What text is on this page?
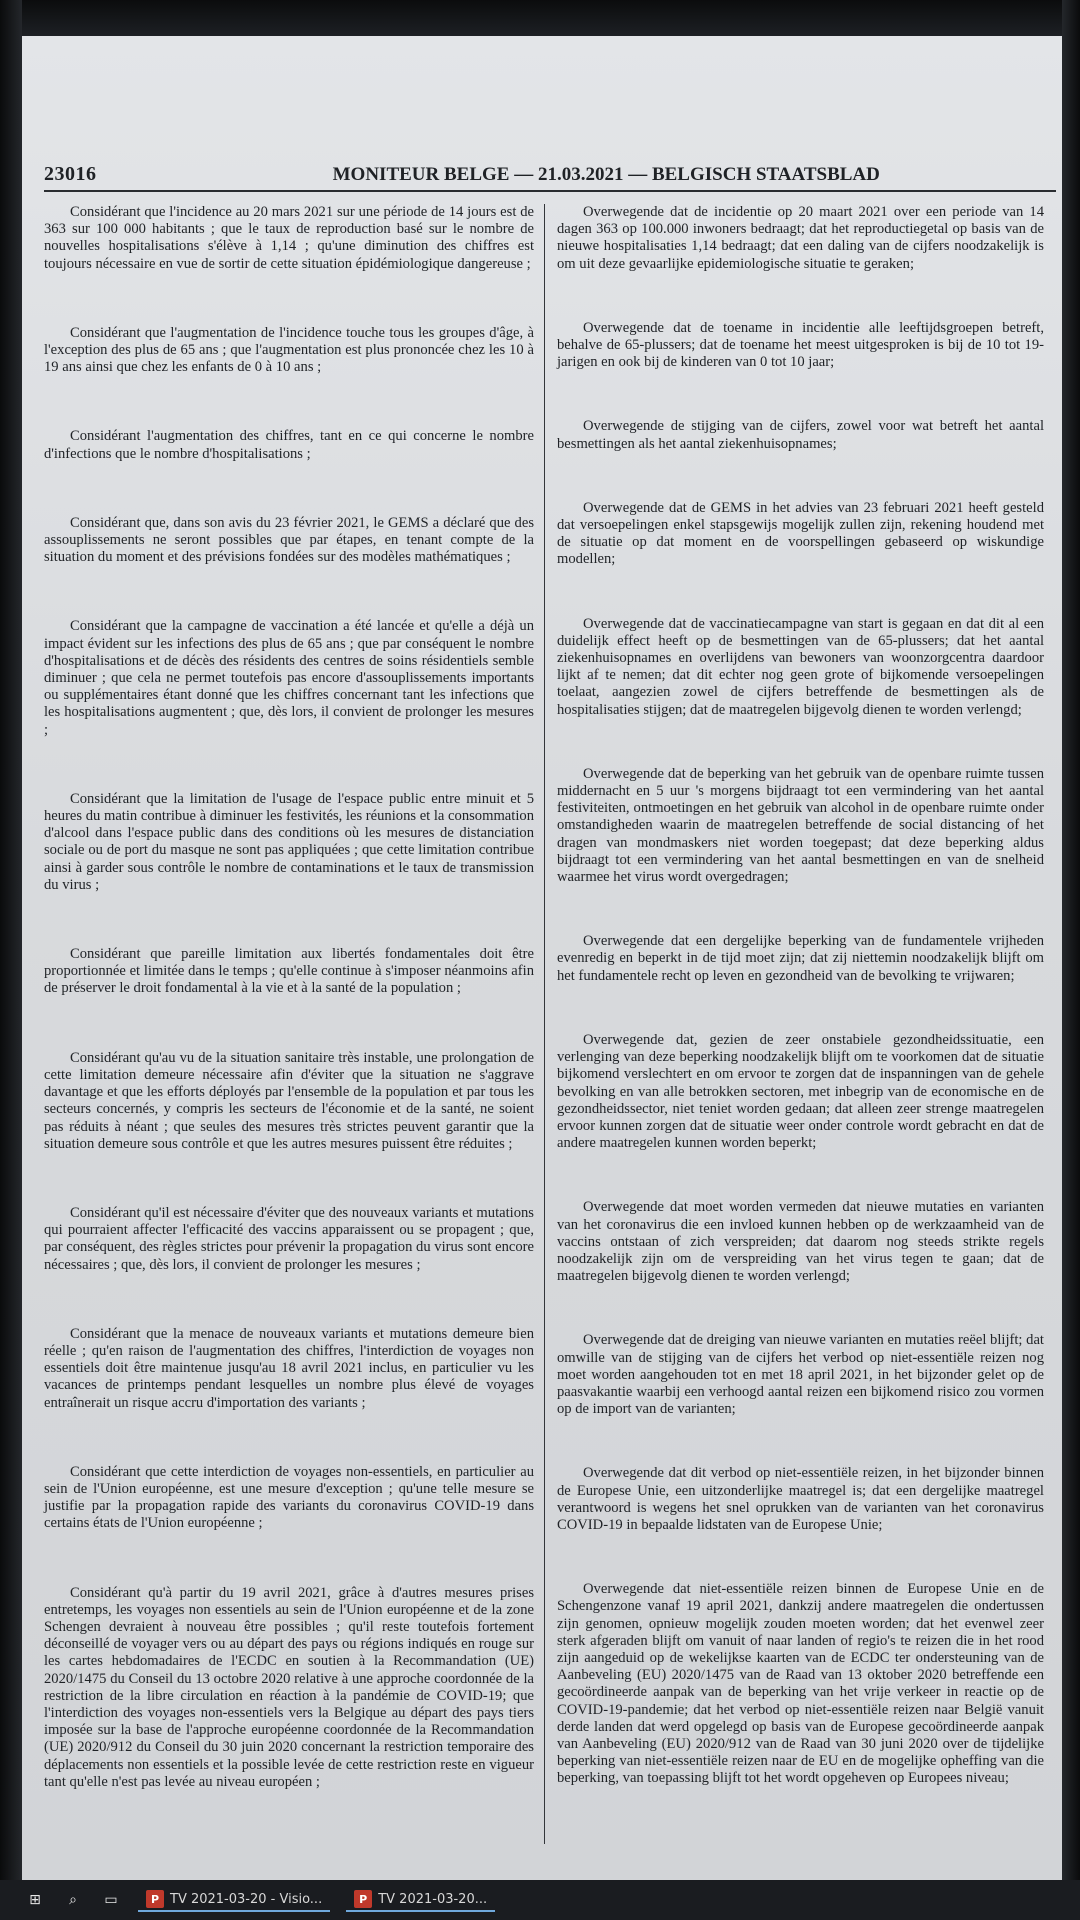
23016	MONITEUR BELGE — 21.03.2021 — BELGISCH STAATSBLAD

Considérant que l'incidence au 20 mars 2021 sur une période de 14 jours est de 363 sur 100 000 habitants ; que le taux de reproduction basé sur le nombre de nouvelles hospitalisations s'élève à 1,14 ; qu'une diminution des chiffres est toujours nécessaire en vue de sortir de cette situation épidémiologique dangereuse ;

Considérant que l'augmentation de l'incidence touche tous les groupes d'âge, à l'exception des plus de 65 ans ; que l'augmentation est plus prononcée chez les 10 à 19 ans ainsi que chez les enfants de 0 à 10 ans ;

Considérant l'augmentation des chiffres, tant en ce qui concerne le nombre d'infections que le nombre d'hospitalisations ;

Considérant que, dans son avis du 23 février 2021, le GEMS a déclaré que des assouplissements ne seront possibles que par étapes, en tenant compte de la situation du moment et des prévisions fondées sur des modèles mathématiques ;

Considérant que la campagne de vaccination a été lancée et qu'elle a déjà un impact évident sur les infections des plus de 65 ans ; que par conséquent le nombre d'hospitalisations et de décès des résidents des centres de soins résidentiels semble diminuer ; que cela ne permet toutefois pas encore d'assouplissements importants ou supplémentaires étant donné que les chiffres concernant tant les infections que les hospitalisations augmentent ; que, dès lors, il convient de prolonger les mesures ;

Considérant que la limitation de l'usage de l'espace public entre minuit et 5 heures du matin contribue à diminuer les festivités, les réunions et la consommation d'alcool dans l'espace public dans des conditions où les mesures de distanciation sociale ou de port du masque ne sont pas appliquées ; que cette limitation contribue ainsi à garder sous contrôle le nombre de contaminations et le taux de transmission du virus ;

Considérant que pareille limitation aux libertés fondamentales doit être proportionnée et limitée dans le temps ; qu'elle continue à s'imposer néanmoins afin de préserver le droit fondamental à la vie et à la santé de la population ;

Considérant qu'au vu de la situation sanitaire très instable, une prolongation de cette limitation demeure nécessaire afin d'éviter que la situation ne s'aggrave davantage et que les efforts déployés par l'ensemble de la population et par tous les secteurs concernés, y compris les secteurs de l'économie et de la santé, ne soient pas réduits à néant ; que seules des mesures très strictes peuvent garantir que la situation demeure sous contrôle et que les autres mesures puissent être réduites ;

Considérant qu'il est nécessaire d'éviter que des nouveaux variants et mutations qui pourraient affecter l'efficacité des vaccins apparaissent ou se propagent ; que, par conséquent, des règles strictes pour prévenir la propagation du virus sont encore nécessaires ; que, dès lors, il convient de prolonger les mesures ;

Considérant que la menace de nouveaux variants et mutations demeure bien réelle ; qu'en raison de l'augmentation des chiffres, l'interdiction de voyages non essentiels doit être maintenue jusqu'au 18 avril 2021 inclus, en particulier vu les vacances de printemps pendant lesquelles un nombre plus élevé de voyages entraînerait un risque accru d'importation des variants ;

Considérant que cette interdiction de voyages non-essentiels, en particulier au sein de l'Union européenne, est une mesure d'exception ; qu'une telle mesure se justifie par la propagation rapide des variants du coronavirus COVID-19 dans certains états de l'Union européenne ;

Considérant qu'à partir du 19 avril 2021, grâce à d'autres mesures prises entretemps, les voyages non essentiels au sein de l'Union européenne et de la zone Schengen devraient à nouveau être possibles ; qu'il reste toutefois fortement déconseillé de voyager vers ou au départ des pays ou régions indiqués en rouge sur les cartes hebdomadaires de l'ECDC en soutien à la Recommandation (UE) 2020/1475 du Conseil du 13 octobre 2020 relative à une approche coordonnée de la restriction de la libre circulation en réaction à la pandémie de COVID-19; que l'interdiction des voyages non-essentiels vers la Belgique au départ des pays tiers imposée sur la base de l'approche européenne coordonnée de la Recommandation (UE) 2020/912 du Conseil du 30 juin 2020 concernant la restriction temporaire des déplacements non essentiels et la possible levée de cette restriction reste en vigueur tant qu'elle n'est pas levée au niveau européen ;

Overwegende dat de incidentie op 20 maart 2021 over een periode van 14 dagen 363 op 100.000 inwoners bedraagt; dat het reproductiegetal op basis van de nieuwe hospitalisaties 1,14 bedraagt; dat een daling van de cijfers noodzakelijk is om uit deze gevaarlijke epidemiologische situatie te geraken;

Overwegende dat de toename in incidentie alle leeftijdsgroepen betreft, behalve de 65-plussers; dat de toename het meest uitgesproken is bij de 10 tot 19-jarigen en ook bij de kinderen van 0 tot 10 jaar;

Overwegende de stijging van de cijfers, zowel voor wat betreft het aantal besmettingen als het aantal ziekenhuisopnames;

Overwegende dat de GEMS in het advies van 23 februari 2021 heeft gesteld dat versoepelingen enkel stapsgewijs mogelijk zullen zijn, rekening houdend met de situatie op dat moment en de voorspellingen gebaseerd op wiskundige modellen;

Overwegende dat de vaccinatiecampagne van start is gegaan en dat dit al een duidelijk effect heeft op de besmettingen van de 65-plussers; dat het aantal ziekenhuisopnames en overlijdens van bewoners van woonzorgcentra daardoor lijkt af te nemen; dat dit echter nog geen grote of bijkomende versoepelingen toelaat, aangezien zowel de cijfers betreffende de besmettingen als de hospitalisaties stijgen; dat de maatregelen bijgevolg dienen te worden verlengd;

Overwegende dat de beperking van het gebruik van de openbare ruimte tussen middernacht en 5 uur 's morgens bijdraagt tot een vermindering van het aantal festiviteiten, ontmoetingen en het gebruik van alcohol in de openbare ruimte onder omstandigheden waarin de maatregelen betreffende de social distancing of het dragen van mondmaskers niet worden toegepast; dat deze beperking aldus bijdraagt tot een vermindering van het aantal besmettingen en van de snelheid waarmee het virus wordt overgedragen;

Overwegende dat een dergelijke beperking van de fundamentele vrijheden evenredig en beperkt in de tijd moet zijn; dat zij niettemin noodzakelijk blijft om het fundamentele recht op leven en gezondheid van de bevolking te vrijwaren;

Overwegende dat, gezien de zeer onstabiele gezondheidssituatie, een verlenging van deze beperking noodzakelijk blijft om te voorkomen dat de situatie bijkomend verslechtert en om ervoor te zorgen dat de inspanningen van de gehele bevolking en van alle betrokken sectoren, met inbegrip van de economische en de gezondheidssector, niet teniet worden gedaan; dat alleen zeer strenge maatregelen ervoor kunnen zorgen dat de situatie weer onder controle wordt gebracht en dat de andere maatregelen kunnen worden beperkt;

Overwegende dat moet worden vermeden dat nieuwe mutaties en varianten van het coronavirus die een invloed kunnen hebben op de werkzaamheid van de vaccins ontstaan of zich verspreiden; dat daarom nog steeds strikte regels noodzakelijk zijn om de verspreiding van het virus tegen te gaan; dat de maatregelen bijgevolg dienen te worden verlengd;

Overwegende dat de dreiging van nieuwe varianten en mutaties reëel blijft; dat omwille van de stijging van de cijfers het verbod op niet-essentiële reizen nog moet worden aangehouden tot en met 18 april 2021, in het bijzonder gelet op de paasvakantie waarbij een verhoogd aantal reizen een bijkomend risico zou vormen op de import van de varianten;

Overwegende dat dit verbod op niet-essentiële reizen, in het bijzonder binnen de Europese Unie, een uitzonderlijke maatregel is; dat een dergelijke maatregel verantwoord is wegens het snel oprukken van de varianten van het coronavirus COVID-19 in bepaalde lidstaten van de Europese Unie;

Overwegende dat niet-essentiële reizen binnen de Europese Unie en de Schengenzone vanaf 19 april 2021, dankzij andere maatregelen die ondertussen zijn genomen, opnieuw mogelijk zouden moeten worden; dat het evenwel zeer sterk afgeraden blijft om vanuit of naar landen of regio's te reizen die in het rood zijn aangeduid op de wekelijkse kaarten van de ECDC ter ondersteuning van de Aanbeveling (EU) 2020/1475 van de Raad van 13 oktober 2020 betreffende een gecoördineerde aanpak van de beperking van het vrije verkeer in reactie op de COVID-19-pandemie; dat het verbod op niet-essentiële reizen naar België vanuit derde landen dat werd opgelegd op basis van de Europese gecoördineerde aanpak van Aanbeveling (EU) 2020/912 van de Raad van 30 juni 2020 over de tijdelijke beperking van niet-essentiële reizen naar de EU en de mogelijke opheffing van die beperking, van toepassing blijft tot het wordt opgeheven op Europees niveau;

⊞	⌕	▭	P TV 2021-03-20 - Visio...	P TV 2021-03-20...
